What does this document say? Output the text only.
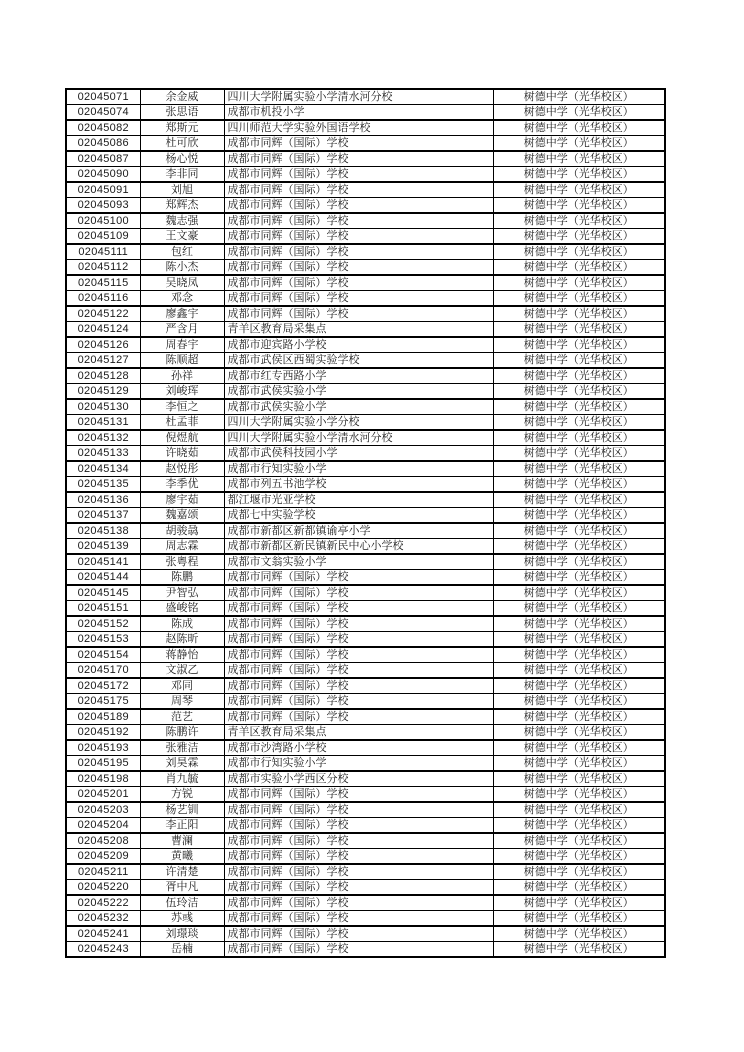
02045071	余金威	四川大学附属实验小学清水河分校	树德中学（光华校区）
02045074	张思语	成都市机投小学	树德中学（光华校区）
02045082	郑斯元	四川师范大学实验外国语学校	树德中学（光华校区）
02045086	杜可欣	成都市同辉（国际）学校	树德中学（光华校区）
02045087	杨心悦	成都市同辉（国际）学校	树德中学（光华校区）
02045090	李非同	成都市同辉（国际）学校	树德中学（光华校区）
02045091	刘旭	成都市同辉（国际）学校	树德中学（光华校区）
02045093	郑辉杰	成都市同辉（国际）学校	树德中学（光华校区）
02045100	魏志强	成都市同辉（国际）学校	树德中学（光华校区）
02045109	王文豪	成都市同辉（国际）学校	树德中学（光华校区）
02045111	包红	成都市同辉（国际）学校	树德中学（光华校区）
02045112	陈小杰	成都市同辉（国际）学校	树德中学（光华校区）
02045115	吴晓凤	成都市同辉（国际）学校	树德中学（光华校区）
02045116	邓念	成都市同辉（国际）学校	树德中学（光华校区）
02045122	廖鑫宇	成都市同辉（国际）学校	树德中学（光华校区）
02045124	严含月	青羊区教育局采集点	树德中学（光华校区）
02045126	周春宇	成都市迎宾路小学校	树德中学（光华校区）
02045127	陈顺超	成都市武侯区西蜀实验学校	树德中学（光华校区）
02045128	孙祥	成都市红专西路小学	树德中学（光华校区）
02045129	刘峻珲	成都市武侯实验小学	树德中学（光华校区）
02045130	李恒之	成都市武侯实验小学	树德中学（光华校区）
02045131	杜孟菲	四川大学附属实验小学分校	树德中学（光华校区）
02045132	倪煜航	四川大学附属实验小学清水河分校	树德中学（光华校区）
02045133	许晓茹	成都市武侯科技园小学	树德中学（光华校区）
02045134	赵悦彤	成都市行知实验小学	树德中学（光华校区）
02045135	李季优	成都市列五书池学校	树德中学（光华校区）
02045136	廖宇茹	都江堰市光亚学校	树德中学（光华校区）
02045137	魏嘉颂	成都七中实验学校	树德中学（光华校区）
02045138	胡骏骉	成都市新都区新都镇谕亭小学	树德中学（光华校区）
02045139	周志霖	成都市新都区新民镇新民中心小学校	树德中学（光华校区）
02045141	张粤程	成都市文翁实验小学	树德中学（光华校区）
02045144	陈鹏	成都市同辉（国际）学校	树德中学（光华校区）
02045145	尹智弘	成都市同辉（国际）学校	树德中学（光华校区）
02045151	盛峻铭	成都市同辉（国际）学校	树德中学（光华校区）
02045152	陈成	成都市同辉（国际）学校	树德中学（光华校区）
02045153	赵陈昕	成都市同辉（国际）学校	树德中学（光华校区）
02045154	蒋静怡	成都市同辉（国际）学校	树德中学（光华校区）
02045170	文淑乙	成都市同辉（国际）学校	树德中学（光华校区）
02045172	邓同	成都市同辉（国际）学校	树德中学（光华校区）
02045175	周琴	成都市同辉（国际）学校	树德中学（光华校区）
02045189	范艺	成都市同辉（国际）学校	树德中学（光华校区）
02045192	陈鹏许	青羊区教育局采集点	树德中学（光华校区）
02045193	张雅洁	成都市沙湾路小学校	树德中学（光华校区）
02045195	刘昊霖	成都市行知实验小学	树德中学（光华校区）
02045198	肖九毓	成都市实验小学西区分校	树德中学（光华校区）
02045201	方锐	成都市同辉（国际）学校	树德中学（光华校区）
02045203	杨艺钏	成都市同辉（国际）学校	树德中学（光华校区）
02045204	李正阳	成都市同辉（国际）学校	树德中学（光华校区）
02045208	曹澜	成都市同辉（国际）学校	树德中学（光华校区）
02045209	黄曦	成都市同辉（国际）学校	树德中学（光华校区）
02045211	许清楚	成都市同辉（国际）学校	树德中学（光华校区）
02045220	胥中凡	成都市同辉（国际）学校	树德中学（光华校区）
02045222	伍玲洁	成都市同辉（国际）学校	树德中学（光华校区）
02045232	苏彧	成都市同辉（国际）学校	树德中学（光华校区）
02045241	刘璟琰	成都市同辉（国际）学校	树德中学（光华校区）
02045243	岳楠	成都市同辉（国际）学校	树德中学（光华校区）
